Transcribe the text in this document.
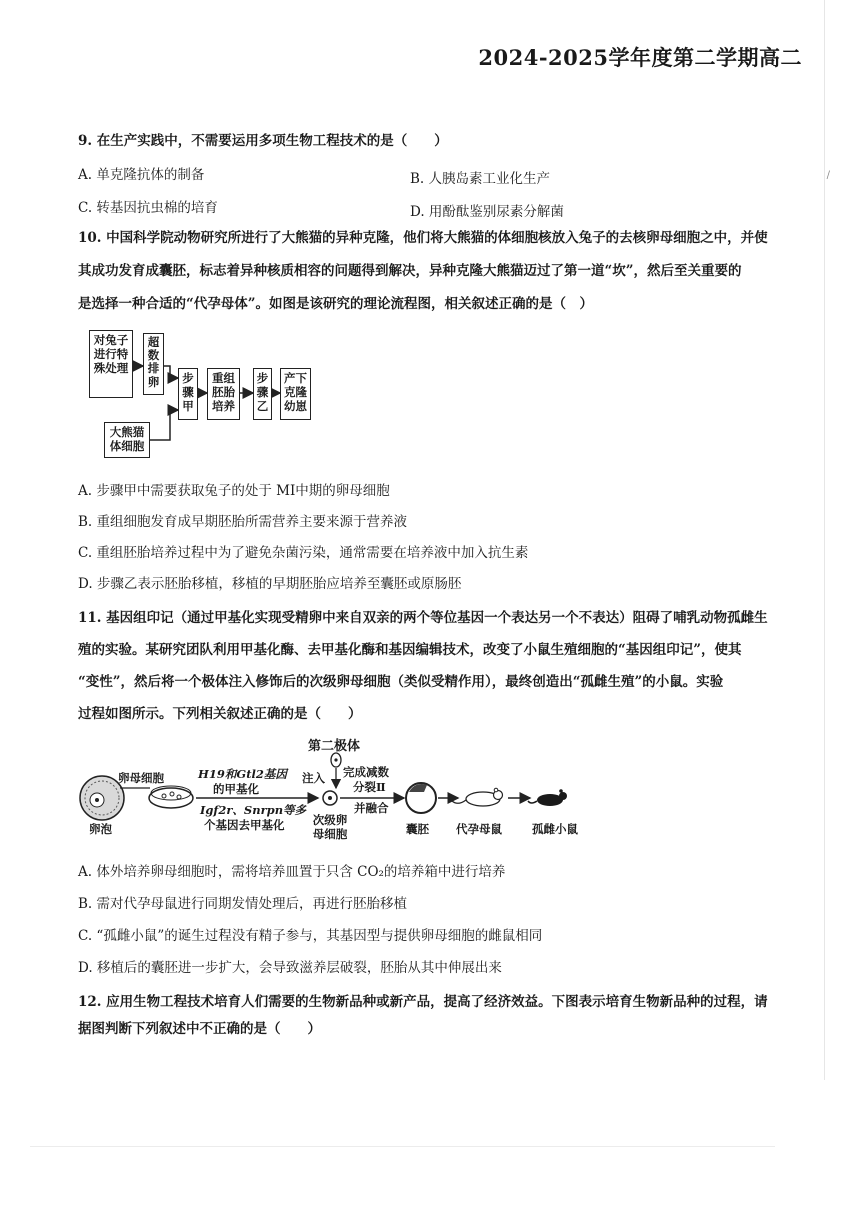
2024-2025学年度第二学期高二
/
9. 在生产实践中，不需要运用多项生物工程技术的是（　　）
A. 单克隆抗体的制备	B. 人胰岛素工业化生产
C. 转基因抗虫棉的培育	D. 用酚酞鉴别尿素分解菌
10. 中国科学院动物研究所进行了大熊猫的异种克隆，他们将大熊猫的体细胞核放入兔子的去核卵母细胞之中，并使
其成功发育成囊胚，标志着异种核质相容的问题得到解决，异种克隆大熊猫迈过了第一道“坎”，然后至关重要的
是选择一种合适的“代孕母体”。如图是该研究的理论流程图，相关叙述正确的是（　）
对兔子进行特殊处理
超数排卵
大熊猫体细胞
步骤甲
重组胚胎培养
步骤乙
产下克隆幼崽
A. 步骤甲中需要获取兔子的处于 MⅠ中期的卵母细胞
B. 重组细胞发育成早期胚胎所需营养主要来源于营养液
C. 重组胚胎培养过程中为了避免杂菌污染，通常需要在培养液中加入抗生素
D. 步骤乙表示胚胎移植，移植的早期胚胎应培养至囊胚或原肠胚
11. 基因组印记（通过甲基化实现受精卵中来自双亲的两个等位基因一个表达另一个不表达）阻碍了哺乳动物孤雌生
殖的实验。某研究团队利用甲基化酶、去甲基化酶和基因编辑技术，改变了小鼠生殖细胞的“基因组印记”，使其
“变性”，然后将一个极体注入修饰后的次级卵母细胞（类似受精作用），最终创造出“孤雌生殖”的小鼠。实验
过程如图所示。下列相关叙述正确的是（　　）
第二极体
卵母细胞
卵泡
H19和Gtl2基因
的甲基化
Igf2r、Snrpn等多
个基因去甲基化
注入 完成减数
分裂Ⅱ
并融合
次级卵母细胞	囊胚 代孕母鼠	孤雌小鼠
A. 体外培养卵母细胞时，需将培养皿置于只含 CO₂的培养箱中进行培养
B. 需对代孕母鼠进行同期发情处理后，再进行胚胎移植
C. “孤雌小鼠”的诞生过程没有精子参与，其基因型与提供卵母细胞的雌鼠相同
D. 移植后的囊胚进一步扩大，会导致滋养层破裂，胚胎从其中伸展出来
12. 应用生物工程技术培育人们需要的生物新品种或新产品，提高了经济效益。下图表示培育生物新品种的过程，请
据图判断下列叙述中不正确的是（　　）
